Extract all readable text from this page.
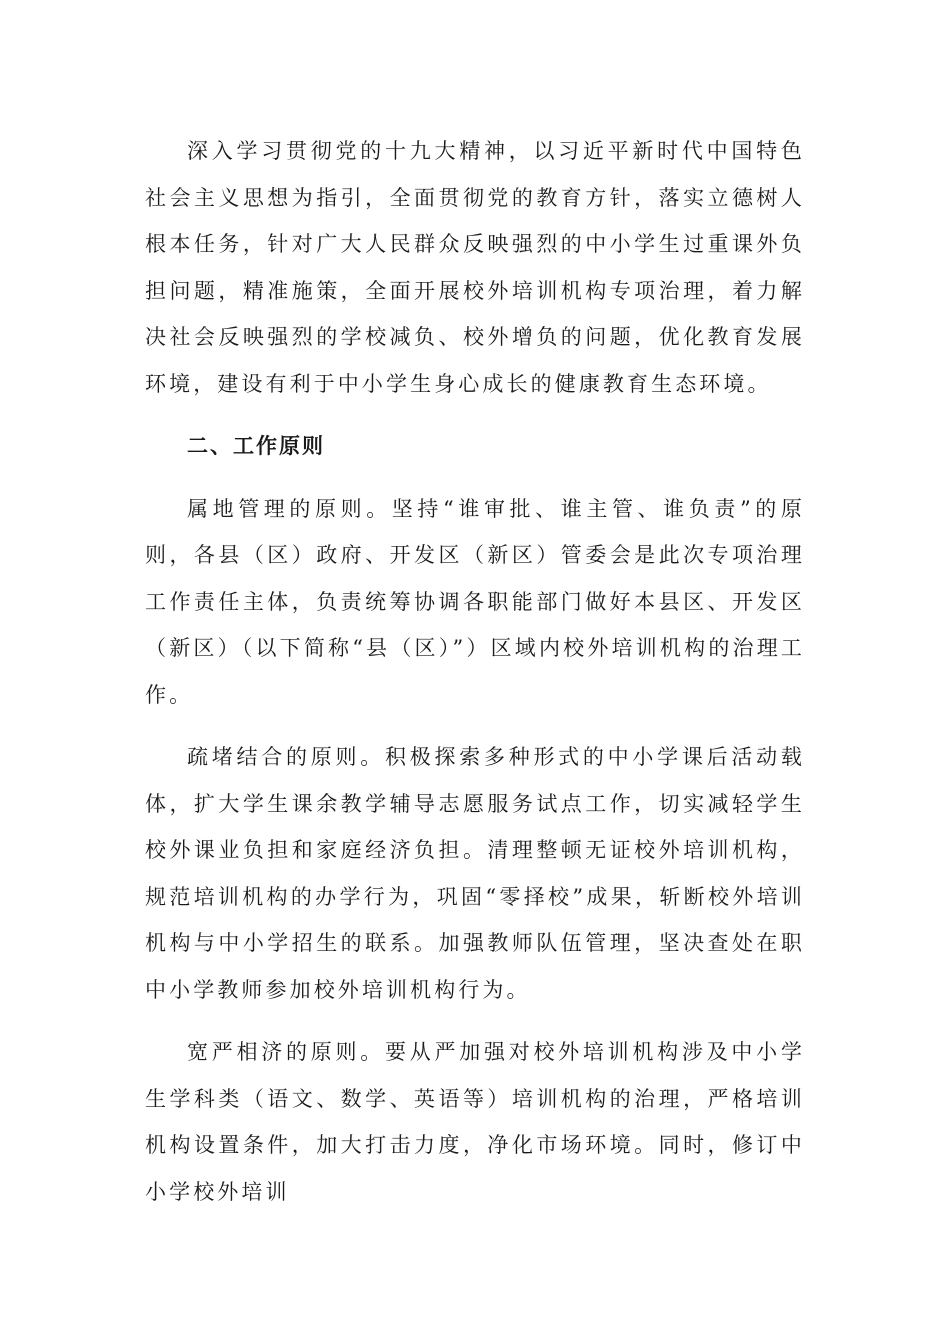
深入学习贯彻党的十九大精神，以习近平新时代中国特色社会主义思想为指引，全面贯彻党的教育方针，落实立德树人根本任务，针对广大人民群众反映强烈的中小学生过重课外负担问题，精准施策，全面开展校外培训机构专项治理，着力解决社会反映强烈的学校减负、校外增负的问题，优化教育发展环境，建设有利于中小学生身心成长的健康教育生态环境。

二、工作原则

属地管理的原则。坚持“谁审批、谁主管、谁负责”的原则，各县（区）政府、开发区（新区）管委会是此次专项治理工作责任主体，负责统筹协调各职能部门做好本县区、开发区（新区）（以下简称“县（区）”）区域内校外培训机构的治理工作。

疏堵结合的原则。积极探索多种形式的中小学课后活动载体，扩大学生课余教学辅导志愿服务试点工作，切实减轻学生校外课业负担和家庭经济负担。清理整顿无证校外培训机构，规范培训机构的办学行为，巩固“零择校”成果，斩断校外培训机构与中小学招生的联系。加强教师队伍管理，坚决查处在职中小学教师参加校外培训机构行为。

宽严相济的原则。要从严加强对校外培训机构涉及中小学生学科类（语文、数学、英语等）培训机构的治理，严格培训机构设置条件，加大打击力度，净化市场环境。同时，修订中小学校外培训
